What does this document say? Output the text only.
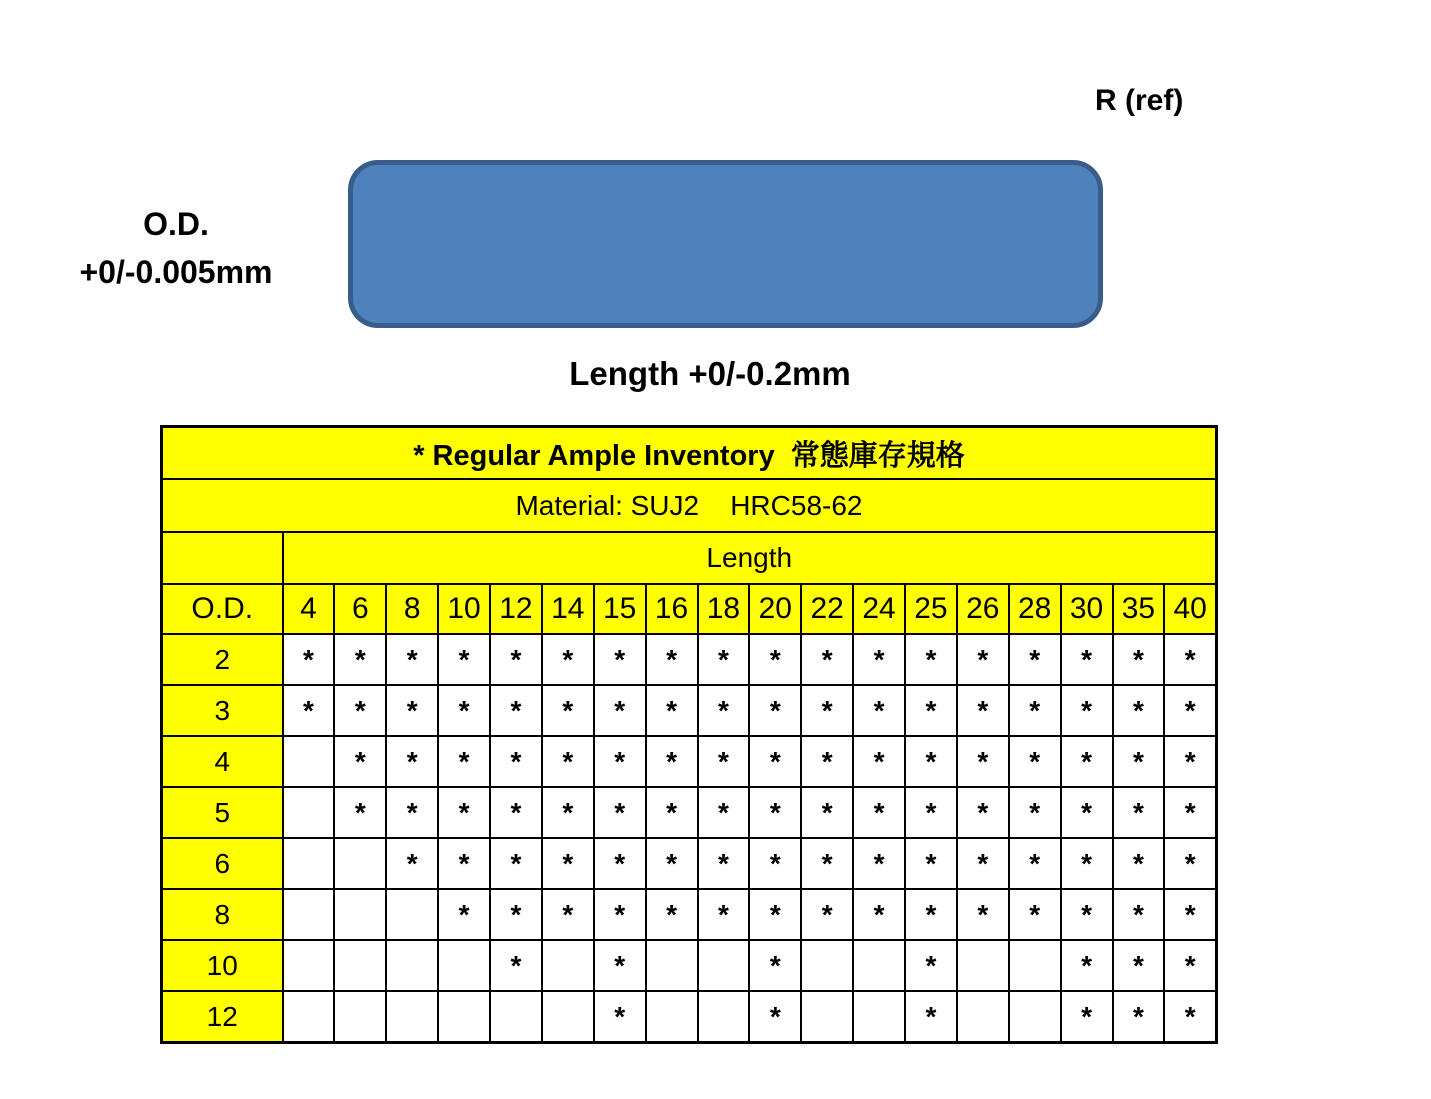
R (ref)
O.D.
+0/-0.005mm
Length +0/-0.2mm
* Regular Ample Inventory  常態庫存規格																		
Material: SUJ2    HRC58-62																		
	Length																	
O.D.	4	6	8	10	12	14	15	16	18	20	22	24	25	26	28	30	35	40
2	*	*	*	*	*	*	*	*	*	*	*	*	*	*	*	*	*	*
3	*	*	*	*	*	*	*	*	*	*	*	*	*	*	*	*	*	*
4		*	*	*	*	*	*	*	*	*	*	*	*	*	*	*	*	*
5		*	*	*	*	*	*	*	*	*	*	*	*	*	*	*	*	*
6			*	*	*	*	*	*	*	*	*	*	*	*	*	*	*	*
8				*	*	*	*	*	*	*	*	*	*	*	*	*	*	*
10					*		*			*			*			*	*	*
12							*			*			*			*	*	*
